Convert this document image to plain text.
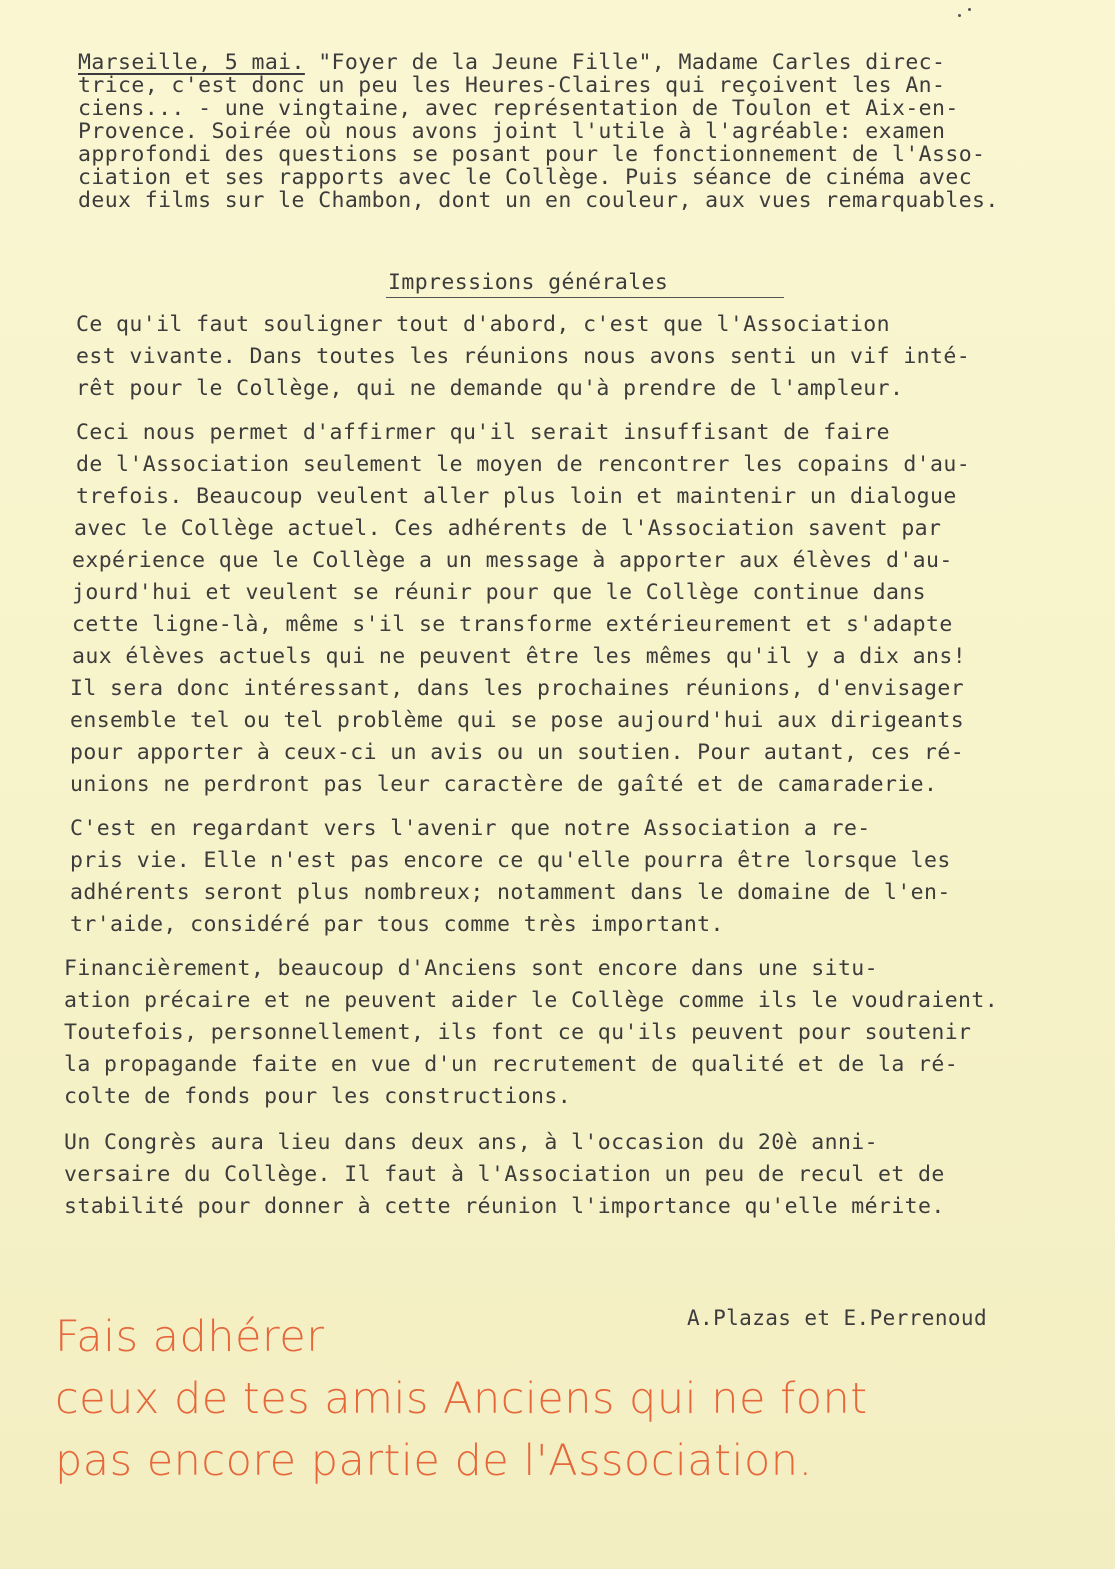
Marseille, 5 mai. "Foyer de la Jeune Fille", Madame Carles direc-
trice, c'est donc un peu les Heures-Claires qui reçoivent les An-
ciens... - une vingtaine, avec représentation de Toulon et Aix-en-
Provence. Soirée où nous avons joint l'utile à l'agréable: examen
approfondi des questions se posant pour le fonctionnement de l'Asso-
ciation et ses rapports avec le Collège. Puis séance de cinéma avec
deux films sur le Chambon, dont un en couleur, aux vues remarquables.
Impressions générales
Ce qu'il faut souligner tout d'abord, c'est que l'Association
est vivante. Dans toutes les réunions nous avons senti un vif inté-
rêt pour le Collège, qui ne demande qu'à prendre de l'ampleur.
Ceci nous permet d'affirmer qu'il serait insuffisant de faire
de l'Association seulement le moyen de rencontrer les copains d'au-
trefois. Beaucoup veulent aller plus loin et maintenir un dialogue
avec le Collège actuel. Ces adhérents de l'Association savent par
expérience que le Collège a un message à apporter aux élèves d'au-
jourd'hui et veulent se réunir pour que le Collège continue dans
cette ligne-là, même s'il se transforme extérieurement et s'adapte
aux élèves actuels qui ne peuvent être les mêmes qu'il y a dix ans!
Il sera donc intéressant, dans les prochaines réunions, d'envisager
ensemble tel ou tel problème qui se pose aujourd'hui aux dirigeants
pour apporter à ceux-ci un avis ou un soutien. Pour autant, ces ré-
unions ne perdront pas leur caractère de gaîté et de camaraderie.
C'est en regardant vers l'avenir que notre Association a re-
pris vie. Elle n'est pas encore ce qu'elle pourra être lorsque les
adhérents seront plus nombreux; notamment dans le domaine de l'en-
tr'aide, considéré par tous comme très important.
Financièrement, beaucoup d'Anciens sont encore dans une situ-
ation précaire et ne peuvent aider le Collège comme ils le voudraient.
Toutefois, personnellement, ils font ce qu'ils peuvent pour soutenir
la propagande faite en vue d'un recrutement de qualité et de la ré-
colte de fonds pour les constructions.
Un Congrès aura lieu dans deux ans, à l'occasion du 20è anni-
versaire du Collège. Il faut à l'Association un peu de recul et de
stabilité pour donner à cette réunion l'importance qu'elle mérite.
A.Plazas et E.Perrenoud
Fais adhérer
ceux de tes amis Anciens qui ne font
pas encore partie de l'Association.
